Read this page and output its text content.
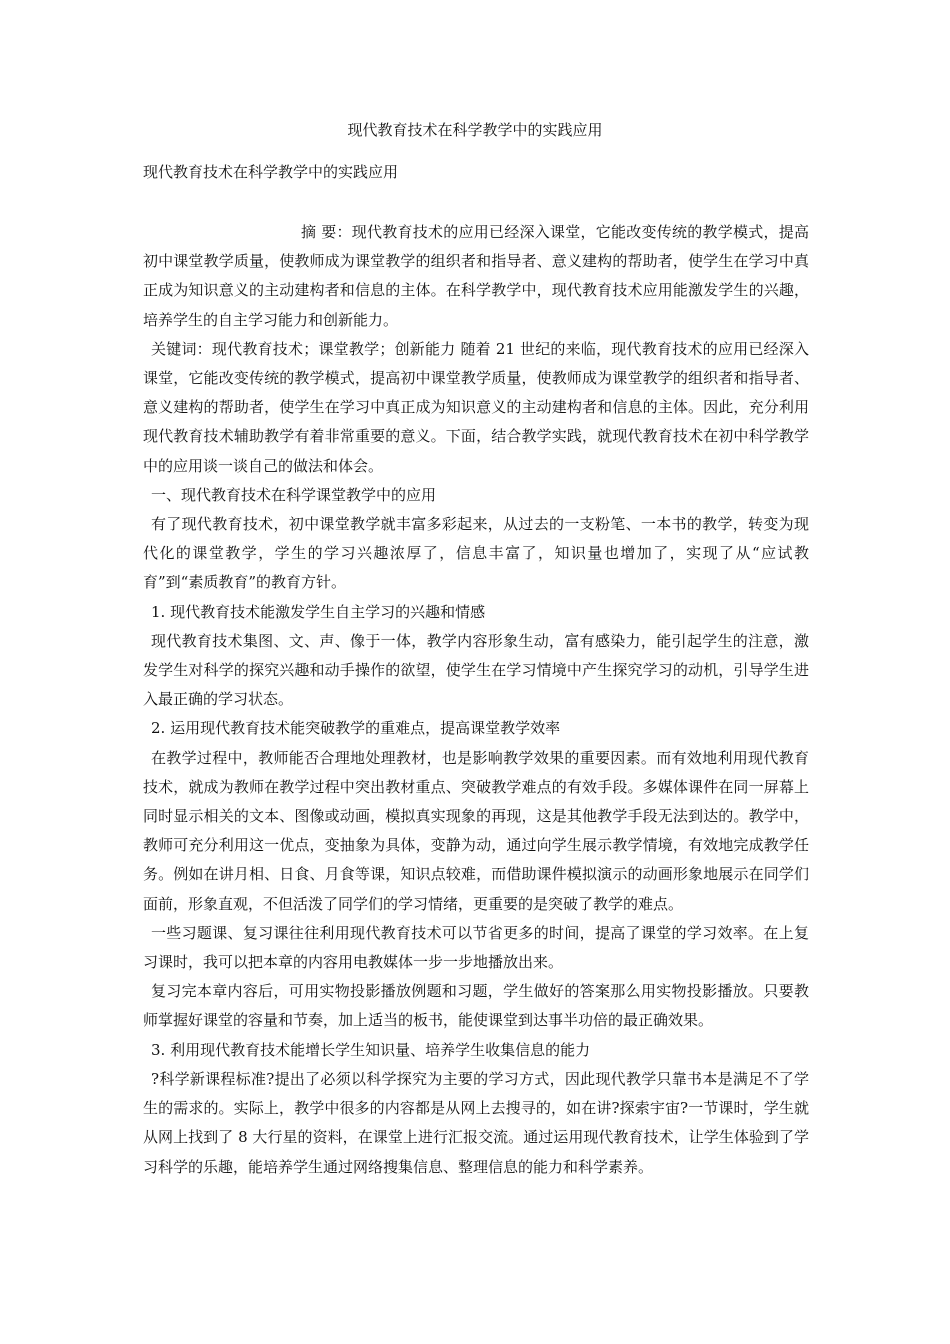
现代教育技术在科学教学中的实践应用
现代教育技术在科学教学中的实践应用

摘 要：现代教育技术的应用已经深入课堂，它能改变传统的教学模式，提高初中课堂教学质量，使教师成为课堂教学的组织者和指导者、意义建构的帮助者，使学生在学习中真正成为知识意义的主动建构者和信息的主体。在科学教学中，现代教育技术应用能激发学生的兴趣，培养学生的自主学习能力和创新能力。

关键词：现代教育技术；课堂教学；创新能力 随着 21 世纪的来临，现代教育技术的应用已经深入课堂，它能改变传统的教学模式，提高初中课堂教学质量，使教师成为课堂教学的组织者和指导者、意义建构的帮助者，使学生在学习中真正成为知识意义的主动建构者和信息的主体。因此，充分利用现代教育技术辅助教学有着非常重要的意义。下面，结合教学实践，就现代教育技术在初中科学教学中的应用谈一谈自己的做法和体会。

一、现代教育技术在科学课堂教学中的应用

有了现代教育技术，初中课堂教学就丰富多彩起来，从过去的一支粉笔、一本书的教学，转变为现代化的课堂教学，学生的学习兴趣浓厚了，信息丰富了，知识量也增加了，实现了从“应试教育”到“素质教育”的教育方针。

1. 现代教育技术能激发学生自主学习的兴趣和情感

现代教育技术集图、文、声、像于一体，教学内容形象生动，富有感染力，能引起学生的注意，激发学生对科学的探究兴趣和动手操作的欲望，使学生在学习情境中产生探究学习的动机，引导学生进入最正确的学习状态。

2. 运用现代教育技术能突破教学的重难点，提高课堂教学效率

在教学过程中，教师能否合理地处理教材，也是影响教学效果的重要因素。而有效地利用现代教育技术，就成为教师在教学过程中突出教材重点、突破教学难点的有效手段。多媒体课件在同一屏幕上同时显示相关的文本、图像或动画，模拟真实现象的再现，这是其他教学手段无法到达的。教学中，教师可充分利用这一优点，变抽象为具体，变静为动，通过向学生展示教学情境，有效地完成教学任务。例如在讲月相、日食、月食等课，知识点较难，而借助课件模拟演示的动画形象地展示在同学们面前，形象直观，不但活泼了同学们的学习情绪，更重要的是突破了教学的难点。

一些习题课、复习课往往利用现代教育技术可以节省更多的时间，提高了课堂的学习效率。在上复习课时，我可以把本章的内容用电教媒体一步一步地播放出来。

复习完本章内容后，可用实物投影播放例题和习题，学生做好的答案那么用实物投影播放。只要教师掌握好课堂的容量和节奏，加上适当的板书，能使课堂到达事半功倍的最正确效果。

3. 利用现代教育技术能增长学生知识量、培养学生收集信息的能力

?科学新课程标准?提出了必须以科学探究为主要的学习方式，因此现代教学只靠书本是满足不了学生的需求的。实际上，教学中很多的内容都是从网上去搜寻的，如在讲?探索宇宙?一节课时，学生就从网上找到了 8 大行星的资料，在课堂上进行汇报交流。通过运用现代教育技术，让学生体验到了学习科学的乐趣，能培养学生通过网络搜集信息、整理信息的能力和科学素养。
